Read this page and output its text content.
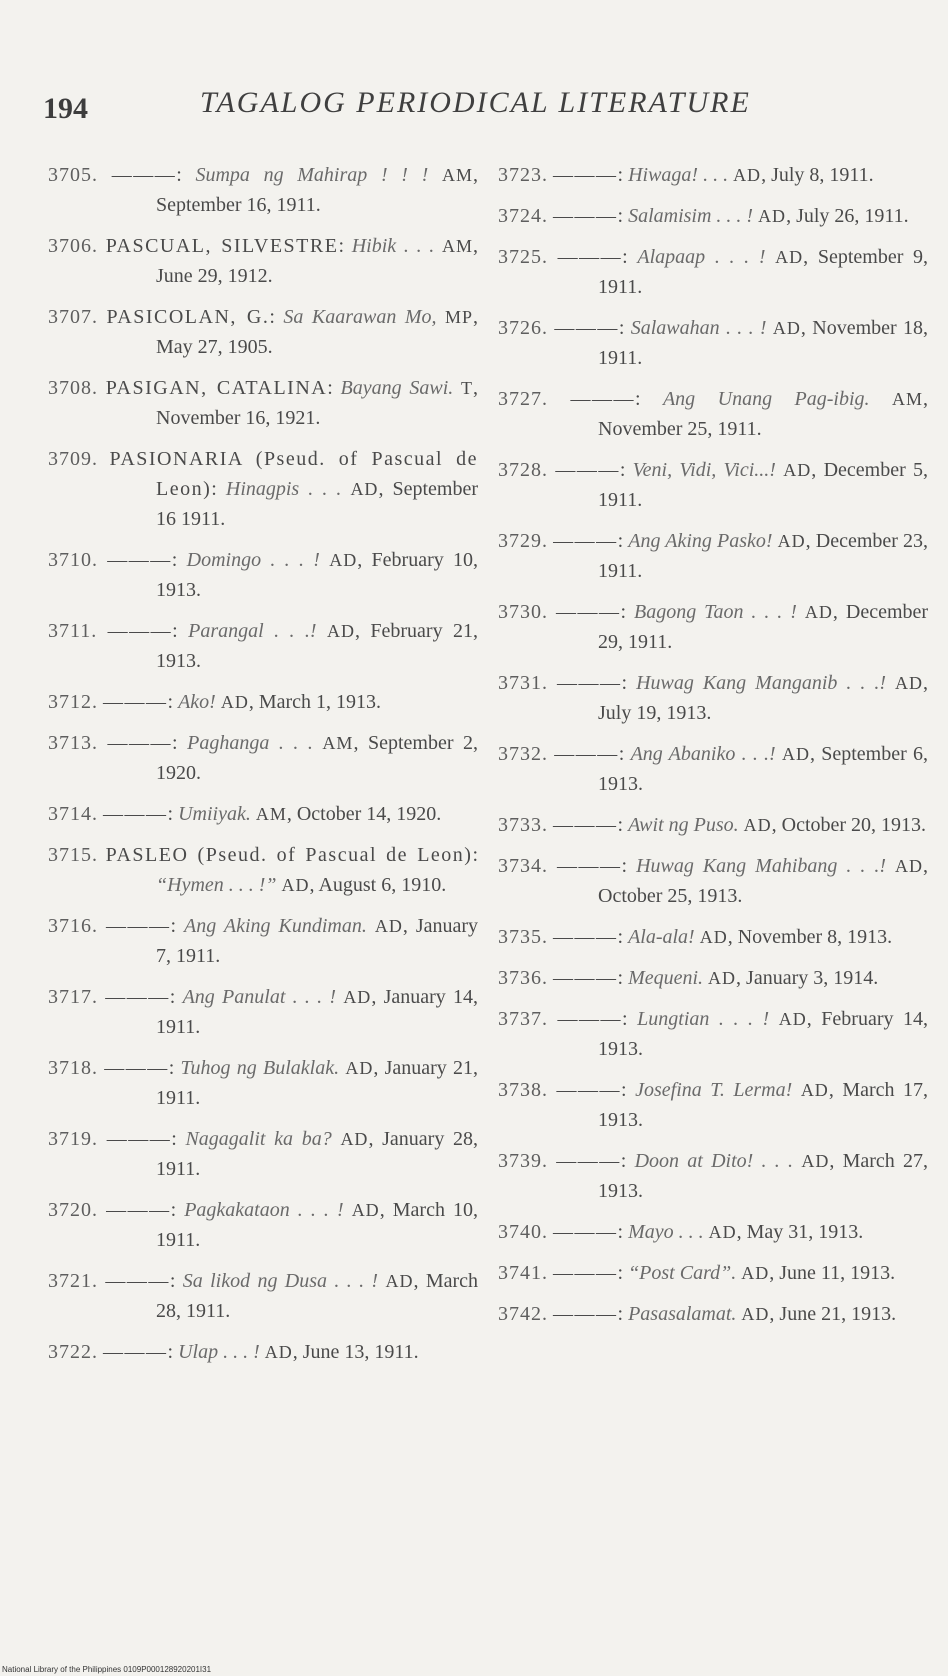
194	TAGALOG PERIODICAL LITERATURE
3705. ———: Sumpa ng Mahirap ! ! ! AM, September 16, 1911.
3706. PASCUAL, SILVESTRE: Hibik . . . AM, June 29, 1912.
3707. PASICOLAN, G.: Sa Kaarawan Mo, MP, May 27, 1905.
3708. PASIGAN, CATALINA: Bayang Sawi. T, November 16, 1921.
3709. PASIONARIA (Pseud. of Pascual de Leon): Hinagpis . . . AD, September 16 1911.
3710. ———: Domingo . . . ! AD, February 10, 1913.
3711. ———: Parangal . . .! AD, February 21, 1913.
3712. ———: Ako! AD, March 1, 1913.
3713. ———: Paghanga . . . AM, September 2, 1920.
3714. ———: Umiiyak. AM, October 14, 1920.
3715. PASLEO (Pseud. of Pascual de Leon): “Hymen . . . !” AD, August 6, 1910.
3716. ———: Ang Aking Kundiman. AD, January 7, 1911.
3717. ———: Ang Panulat . . . ! AD, January 14, 1911.
3718. ———: Tuhog ng Bulaklak. AD, January 21, 1911.
3719. ———: Nagagalit ka ba? AD, January 28, 1911.
3720. ———: Pagkakataon . . . ! AD, March 10, 1911.
3721. ———: Sa likod ng Dusa . . . ! AD, March 28, 1911.
3722. ———: Ulap . . . ! AD, June 13, 1911.
3723. ———: Hiwaga! . . . AD, July 8, 1911.
3724. ———: Salamisim . . . ! AD, July 26, 1911.
3725. ———: Alapaap . . . ! AD, September 9, 1911.
3726. ———: Salawahan . . . ! AD, November 18, 1911.
3727. ———: Ang Unang Pag-ibig. AM, November 25, 1911.
3728. ———: Veni, Vidi, Vici...! AD, December 5, 1911.
3729. ———: Ang Aking Pasko! AD, December 23, 1911.
3730. ———: Bagong Taon . . . ! AD, December 29, 1911.
3731. ———: Huwag Kang Manganib . . .! AD, July 19, 1913.
3732. ———: Ang Abaniko . . .! AD, September 6, 1913.
3733. ———: Awit ng Puso. AD, October 20, 1913.
3734. ———: Huwag Kang Mahibang . . .! AD, October 25, 1913.
3735. ———: Ala-ala! AD, November 8, 1913.
3736. ———: Mequeni. AD, January 3, 1914.
3737. ———: Lungtian . . . ! AD, February 14, 1913.
3738. ———: Josefina T. Lerma! AD, March 17, 1913.
3739. ———: Doon at Dito! . . . AD, March 27, 1913.
3740. ———: Mayo . . . AD, May 31, 1913.
3741. ———: “Post Card”. AD, June 11, 1913.
3742. ———: Pasasalamat. AD, June 21, 1913.
National Library of the Philippines 0109P000128920201I31
